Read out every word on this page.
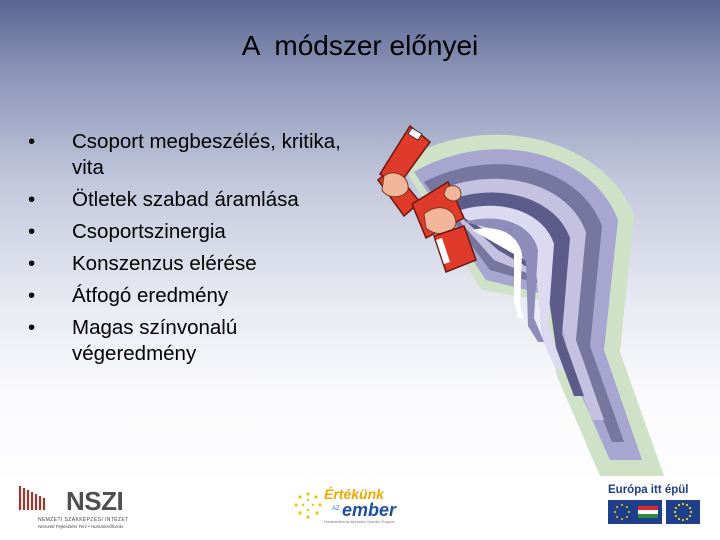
A  módszer előnyei
• Csoport megbeszélés, kritika, vita
• Ötletek szabad áramlása
• Csoportszinergia
• Konszenzus elérése
• Átfogó eredmény
• Magas színvonalú végeredmény
NSZI
NEMZETI SZAKKÉPZÉSI INTÉZET
Nemzeti Fejlesztési Terv • Humánerőforrás
Értékünk
AZ ember
Humánerőforrás-fejlesztési Operatív Program
Európa itt épül
